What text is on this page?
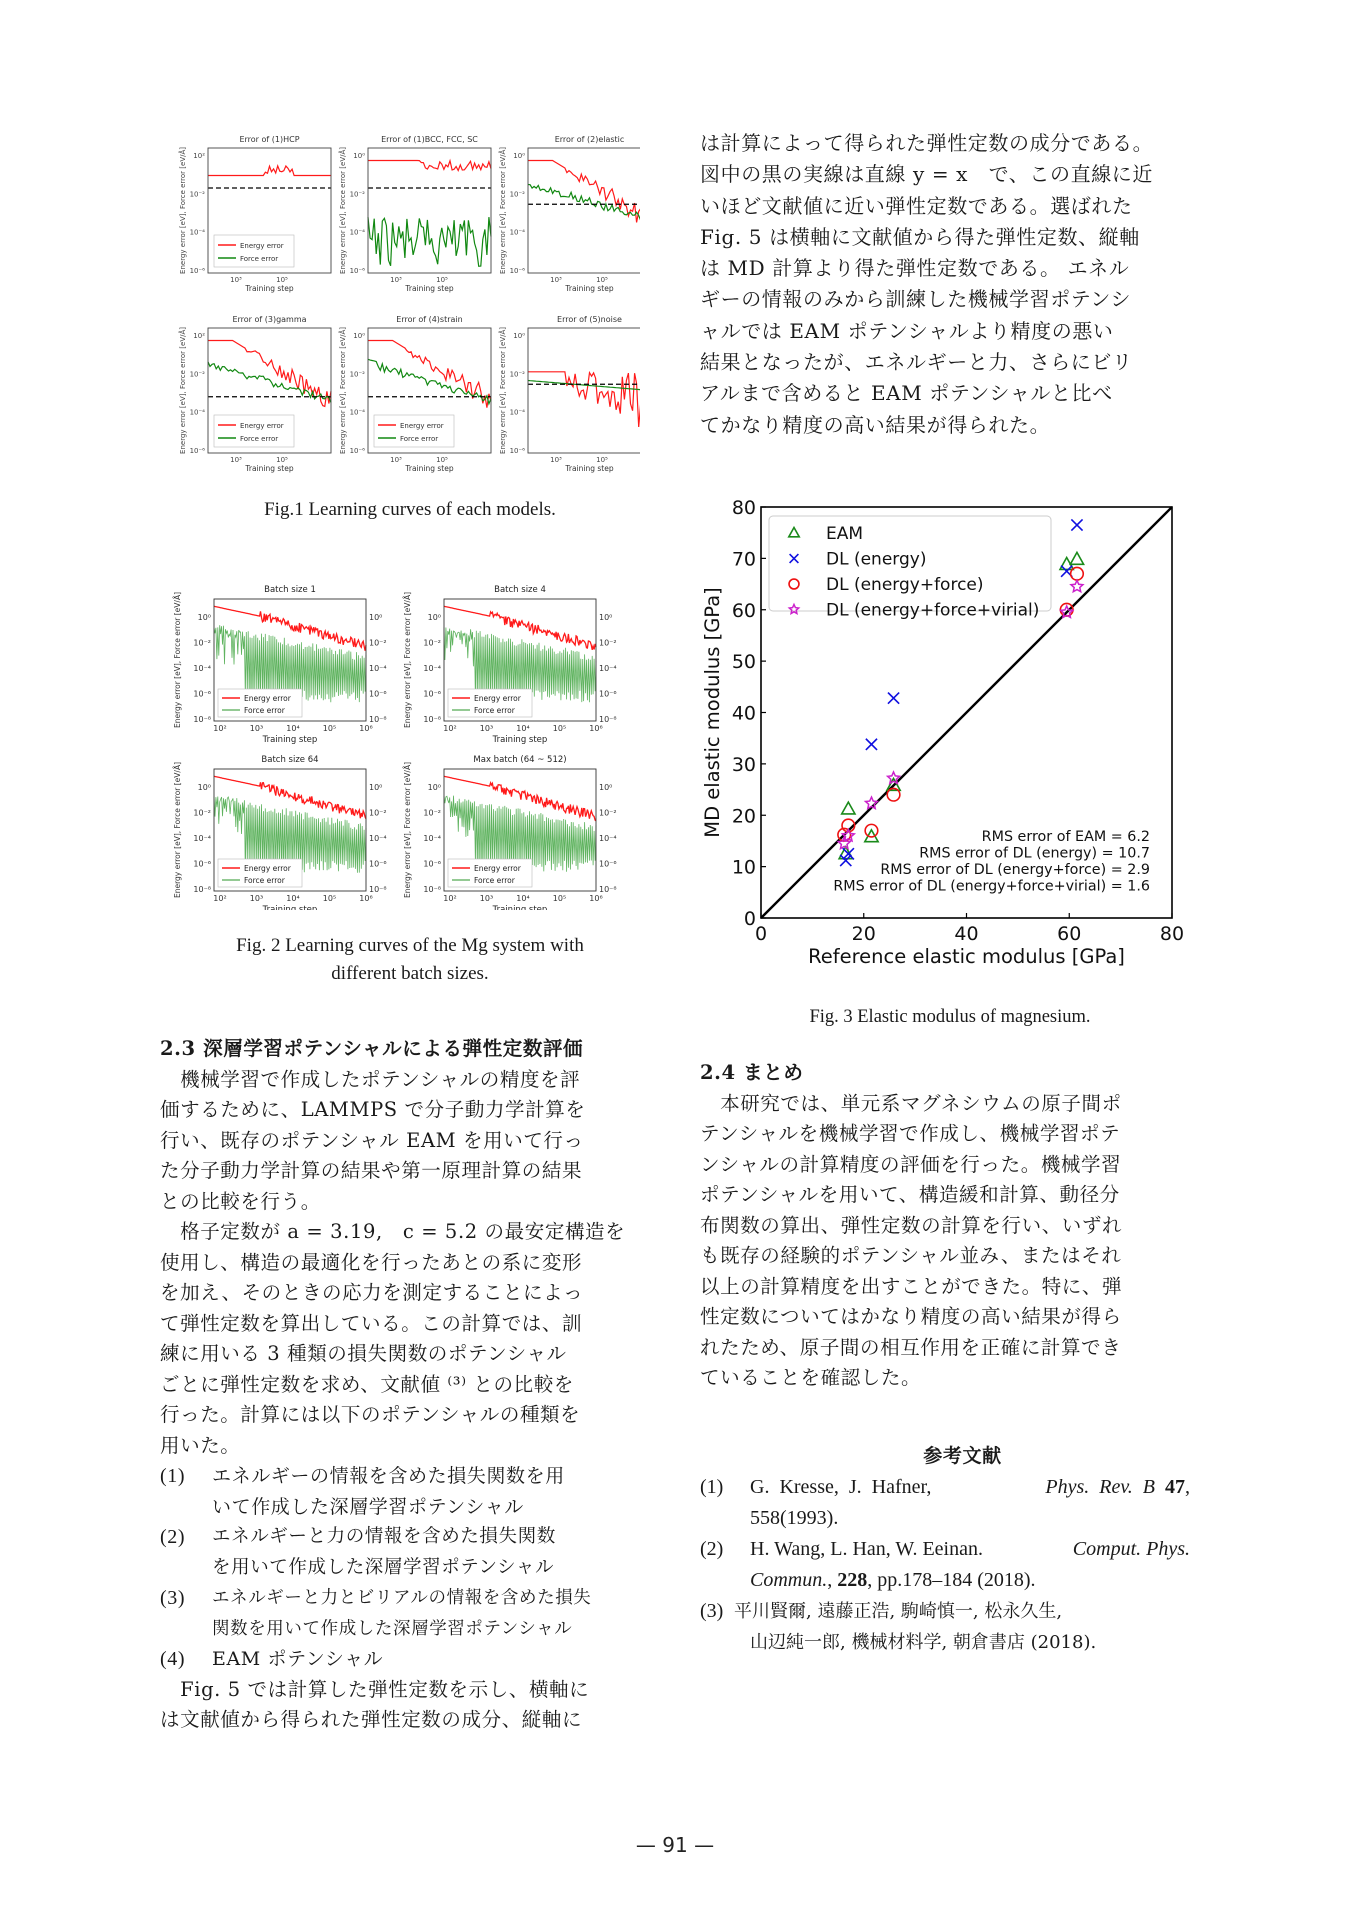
Error of (1)HCP
Energy error [eV], Force error [eV/Å] 10²
10⁻²
10⁻⁴
10⁻⁶
10³	10⁵
Training step
Energy error
Force error
Error of (1)BCC, FCC, SC
Energy error [eV], Force error [eV/Å] 10⁰
10⁻²
10⁻⁴
10⁻⁶
10³	10⁵
Training step
Error of (2)elastic
Energy error [eV], Force error [eV/Å] 10⁰
10⁻²
10⁻⁴
10⁻⁶
10³	10⁵
Training step
Error of (3)gamma
Energy error [eV], Force error [eV/Å] 10²
10⁻²
10⁻⁴
10⁻⁶
10³	10⁵
Training step
Energy error
Force error
Error of (4)strain
Energy error [eV], Force error [eV/Å] 10⁰
10⁻²
10⁻⁴
10⁻⁶
10³	10⁵
Training step
Energy error
Force error
Error of (5)noise
Energy error [eV], Force error [eV/Å] 10⁰
10⁻²
10⁻⁴
10⁻⁶
10³	10⁵
Training step
Fig.1 Learning curves of each models.
Batch size 1
Energy error [eV], Force error [eV/Å] 10⁰	10⁰
10⁻²	10⁻²
10⁻⁴	10⁻⁴
10⁻⁶	10⁻⁶
10⁻⁸	10⁻⁸
10²	10³	10⁴	10⁵	10⁶
Training step
Energy error
Force error
Batch size 4
Energy error [eV], Force error [eV/Å] 10⁰	10⁰
10⁻²	10⁻²
10⁻⁴	10⁻⁴
10⁻⁶	10⁻⁶
10⁻⁸	10⁻⁸
10²	10³	10⁴	10⁵	10⁶
Training step
Energy error
Force error
Batch size 64
Energy error [eV], Force error [eV/Å] 10⁰	10⁰
10⁻²	10⁻²
10⁻⁴	10⁻⁴
10⁻⁶	10⁻⁶
10⁻⁸	10⁻⁸
10²	10³	10⁴	10⁵	10⁶
Training step
Energy error
Force error
Max batch (64 ~ 512)
Energy error [eV], Force error [eV/Å] 10⁰	10⁰
10⁻²	10⁻²
10⁻⁴	10⁻⁴
10⁻⁶	10⁻⁶
10⁻⁸	10⁻⁸
10²	10³	10⁴	10⁵	10⁶
Training step
Energy error
Force error
Fig. 2 Learning curves of the Mg system with
different batch sizes.
は計算によって得られた弾性定数の成分である。
図中の黒の実線は直線 y = x　で、この直線に近
いほど文献値に近い弾性定数である。選ばれた
Fig. 5 は横軸に文献値から得た弾性定数、縦軸
は MD 計算より得た弾性定数である。 エネル
ギーの情報のみから訓練した機械学習ポテンシ
ャルでは EAM ポテンシャルより精度の悪い
結果となったが、エネルギーと力、さらにビリ
アルまで含めると EAM ポテンシャルと比べ
てかなり精度の高い結果が得られた。
0	20	40	60	80
0
10
20
30
40
50
60
70
80
Reference elastic modulus [GPa]
MD elastic modulus [GPa]
EAM
DL (energy)
DL (energy+force)
DL (energy+force+virial)
RMS error of EAM = 6.2
RMS error of DL (energy) = 10.7
RMS error of DL (energy+force) = 2.9
RMS error of DL (energy+force+virial) = 1.6
Fig. 3 Elastic modulus of magnesium.
2.3 深層学習ポテンシャルによる弾性定数評価
　機械学習で作成したポテンシャルの精度を評
価するために、LAMMPS で分子動力学計算を
行い、既存のポテンシャル EAM を用いて行っ
た分子動力学計算の結果や第一原理計算の結果
との比較を行う。
　格子定数が a = 3.19,　c = 5.2 の最安定構造を
使用し、構造の最適化を行ったあとの系に変形
を加え、そのときの応力を測定することによっ
て弾性定数を算出している。この計算では、訓
練に用いる 3 種類の損失関数のポテンシャル
ごとに弾性定数を求め、文献値 ⁽³⁾ との比較を
行った。計算には以下のポテンシャルの種類を
用いた。
(1)	エネルギーの情報を含めた損失関数を用
いて作成した深層学習ポテンシャル
(2)	エネルギーと力の情報を含めた損失関数
を用いて作成した深層学習ポテンシャル
(3)	エネルギーと力とビリアルの情報を含めた損失
関数を用いて作成した深層学習ポテンシャル
(4)	EAM ポテンシャル
　Fig. 5 では計算した弾性定数を示し、横軸に
は文献値から得られた弾性定数の成分、縦軸に
2.4 まとめ
　本研究では、単元系マグネシウムの原子間ポ
テンシャルを機械学習で作成し、機械学習ポテ
ンシャルの計算精度の評価を行った。機械学習
ポテンシャルを用いて、構造緩和計算、動径分
布関数の算出、弾性定数の計算を行い、いずれ
も既存の経験的ポテンシャル並み、またはそれ
以上の計算精度を出すことができた。特に、弾
性定数についてはかなり精度の高い結果が得ら
れたため、原子間の相互作用を正確に計算でき
ていることを確認した。
参考文献
(1)	G.  Kresse,  J.  Hafner,	Phys.  Rev.  B 47,
558(1993).
(2)	H. Wang, L. Han, W. Eeinan.	Comput. Phys.
Commun., 228, pp.178–184 (2018).
(3) 平川賢爾, 遠藤正浩, 駒崎慎一, 松永久生,
山辺純一郎, 機械材料学, 朝倉書店 (2018).
— 91 —
